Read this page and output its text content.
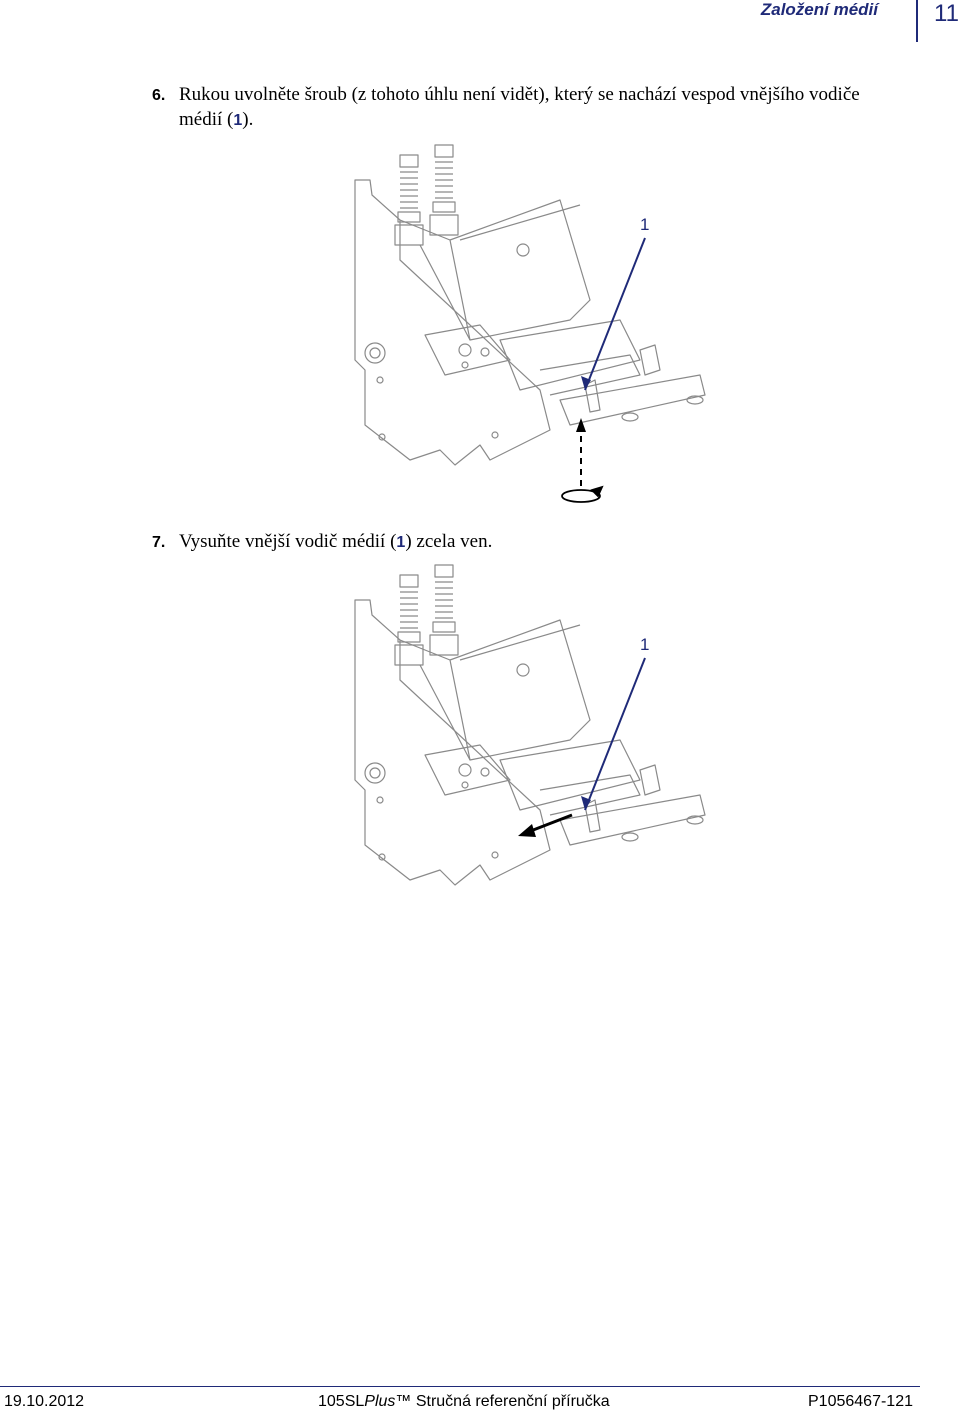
Založení médií 11
6. Rukou uvolněte šroub (z tohoto úhlu není vidět), který se nachází vespod vnějšího vodiče
médií (1).
1
7. Vysuňte vnější vodič médií (1) zcela ven.
1
19.10.2012	105SLPlus™ Stručná referenční příručka	P1056467-121
